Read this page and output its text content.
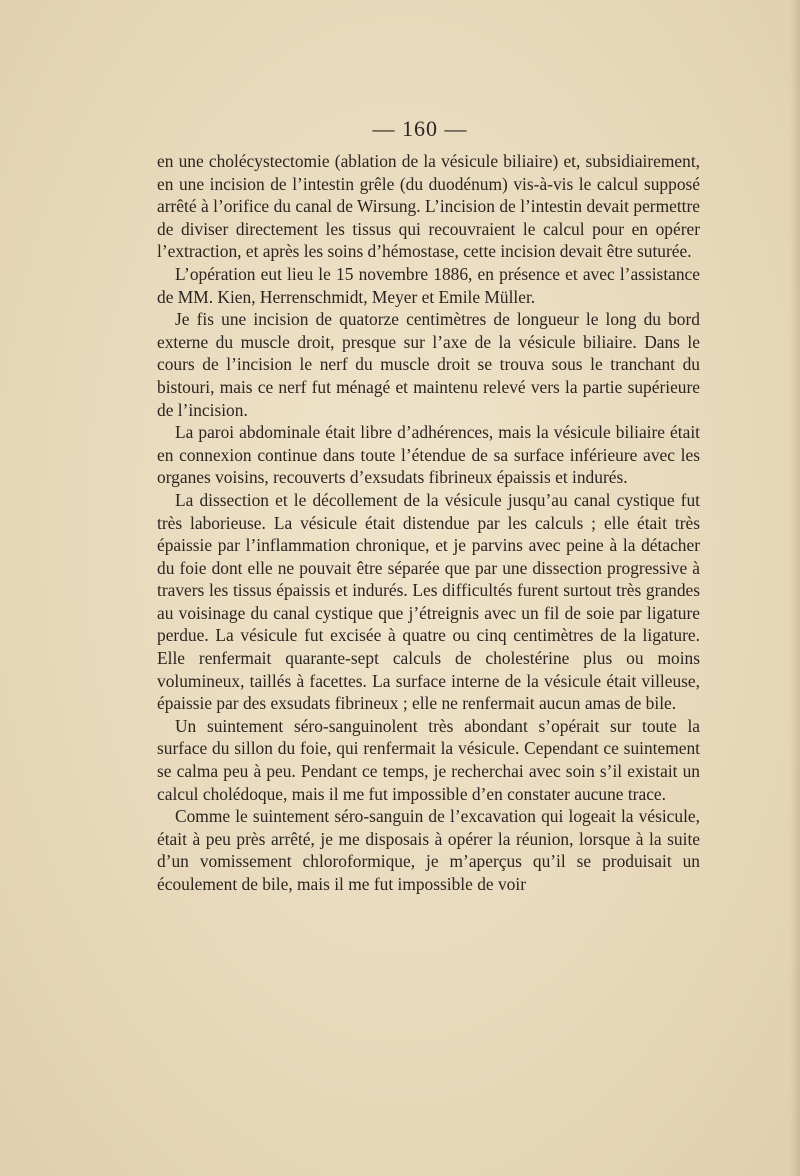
— 160 —

en une cholécystectomie (ablation de la vésicule biliaire) et, subsidiairement, en une incision de l’intestin grêle (du duodénum) vis-à-vis le calcul supposé arrêté à l’orifice du canal de Wirsung. L’incision de l’intestin devait permettre de diviser directement les tissus qui recouvraient le calcul pour en opérer l’extraction, et après les soins d’hémostase, cette incision devait être suturée.

L’opération eut lieu le 15 novembre 1886, en présence et avec l’assistance de MM. Kien, Herrenschmidt, Meyer et Emile Müller.

Je fis une incision de quatorze centimètres de longueur le long du bord externe du muscle droit, presque sur l’axe de la vésicule biliaire. Dans le cours de l’incision le nerf du muscle droit se trouva sous le tranchant du bistouri, mais ce nerf fut ménagé et maintenu relevé vers la partie supérieure de l’incision.

La paroi abdominale était libre d’adhérences, mais la vésicule biliaire était en connexion continue dans toute l’étendue de sa surface inférieure avec les organes voisins, recouverts d’exsudats fibrineux épaissis et indurés.

La dissection et le décollement de la vésicule jusqu’au canal cystique fut très laborieuse. La vésicule était distendue par les calculs ; elle était très épaissie par l’inflammation chronique, et je parvins avec peine à la détacher du foie dont elle ne pouvait être séparée que par une dissection progressive à travers les tissus épaissis et indurés. Les difficultés furent surtout très grandes au voisinage du canal cystique que j’étreignis avec un fil de soie par ligature perdue. La vésicule fut excisée à quatre ou cinq centimètres de la ligature. Elle renfermait quarante-sept calculs de cholestérine plus ou moins volumineux, taillés à facettes. La surface interne de la vésicule était villeuse, épaissie par des exsudats fibrineux ; elle ne renfermait aucun amas de bile.

Un suintement séro-sanguinolent très abondant s’opérait sur toute la surface du sillon du foie, qui renfermait la vésicule. Cependant ce suintement se calma peu à peu. Pendant ce temps, je recherchai avec soin s’il existait un calcul cholédoque, mais il me fut impossible d’en constater aucune trace.

Comme le suintement séro-sanguin de l’excavation qui logeait la vésicule, était à peu près arrêté, je me disposais à opérer la réunion, lorsque à la suite d’un vomissement chloroformique, je m’aperçus qu’il se produisait un écoulement de bile, mais il me fut impossible de voir
